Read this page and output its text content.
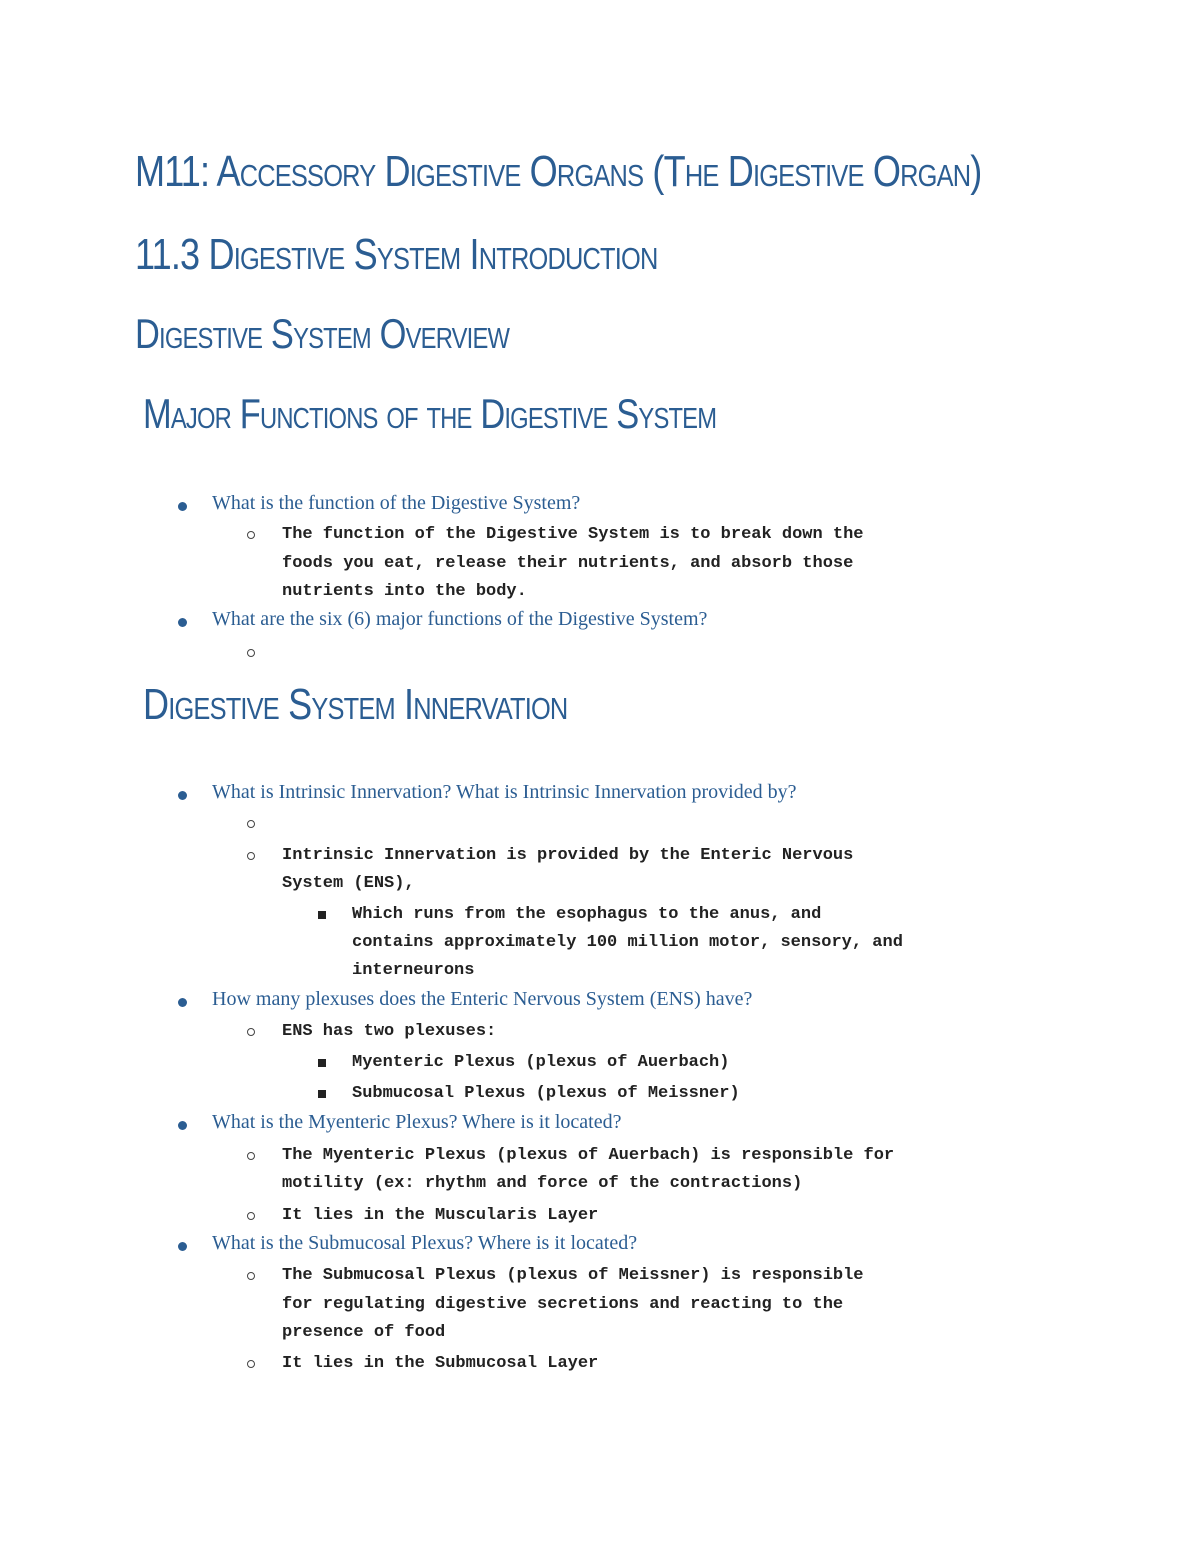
M11: Accessory Digestive Organs (The Digestive Organ)
11.3 Digestive System Introduction
Digestive System Overview
Major Functions of the Digestive System
What is the function of the Digestive System?
The function of the Digestive System is to break down the
foods you eat, release their nutrients, and absorb those
nutrients into the body.
What are the six (6) major functions of the Digestive System?
Digestive System Innervation
What is Intrinsic Innervation? What is Intrinsic Innervation provided by?
Intrinsic Innervation is provided by the Enteric Nervous
System (ENS),
Which runs from the esophagus to the anus, and
contains approximately 100 million motor, sensory, and
interneurons
How many plexuses does the Enteric Nervous System (ENS) have?
ENS has two plexuses:
Myenteric Plexus (plexus of Auerbach)
Submucosal Plexus (plexus of Meissner)
What is the Myenteric Plexus? Where is it located?
The Myenteric Plexus (plexus of Auerbach) is responsible for
motility (ex: rhythm and force of the contractions)
It lies in the Muscularis Layer
What is the Submucosal Plexus? Where is it located?
The Submucosal Plexus (plexus of Meissner) is responsible
for regulating digestive secretions and reacting to the
presence of food
It lies in the Submucosal Layer
